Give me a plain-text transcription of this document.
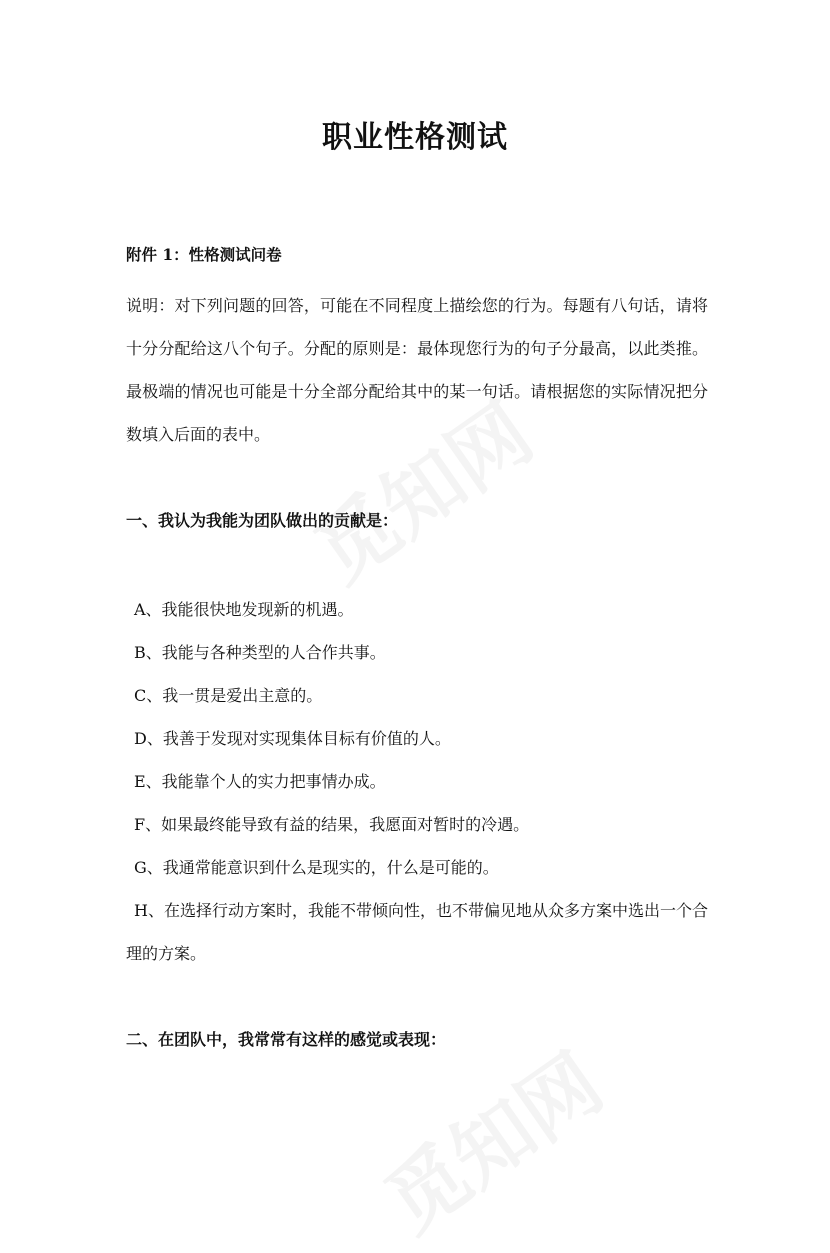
职业性格测试

附件 1：性格测试问卷

说明：对下列问题的回答，可能在不同程度上描绘您的行为。每题有八句话，请将十分分配给这八个句子。分配的原则是：最体现您行为的句子分最高，以此类推。最极端的情况也可能是十分全部分配给其中的某一句话。请根据您的实际情况把分数填入后面的表中。

一、我认为我能为团队做出的贡献是：

A、我能很快地发现新的机遇。
B、我能与各种类型的人合作共事。
C、我一贯是爱出主意的。
D、我善于发现对实现集体目标有价值的人。
E、我能靠个人的实力把事情办成。
F、如果最终能导致有益的结果，我愿面对暂时的冷遇。
G、我通常能意识到什么是现实的，什么是可能的。
H、在选择行动方案时，我能不带倾向性，也不带偏见地从众多方案中选出一个合理的方案。

二、在团队中，我常常有这样的感觉或表现：
